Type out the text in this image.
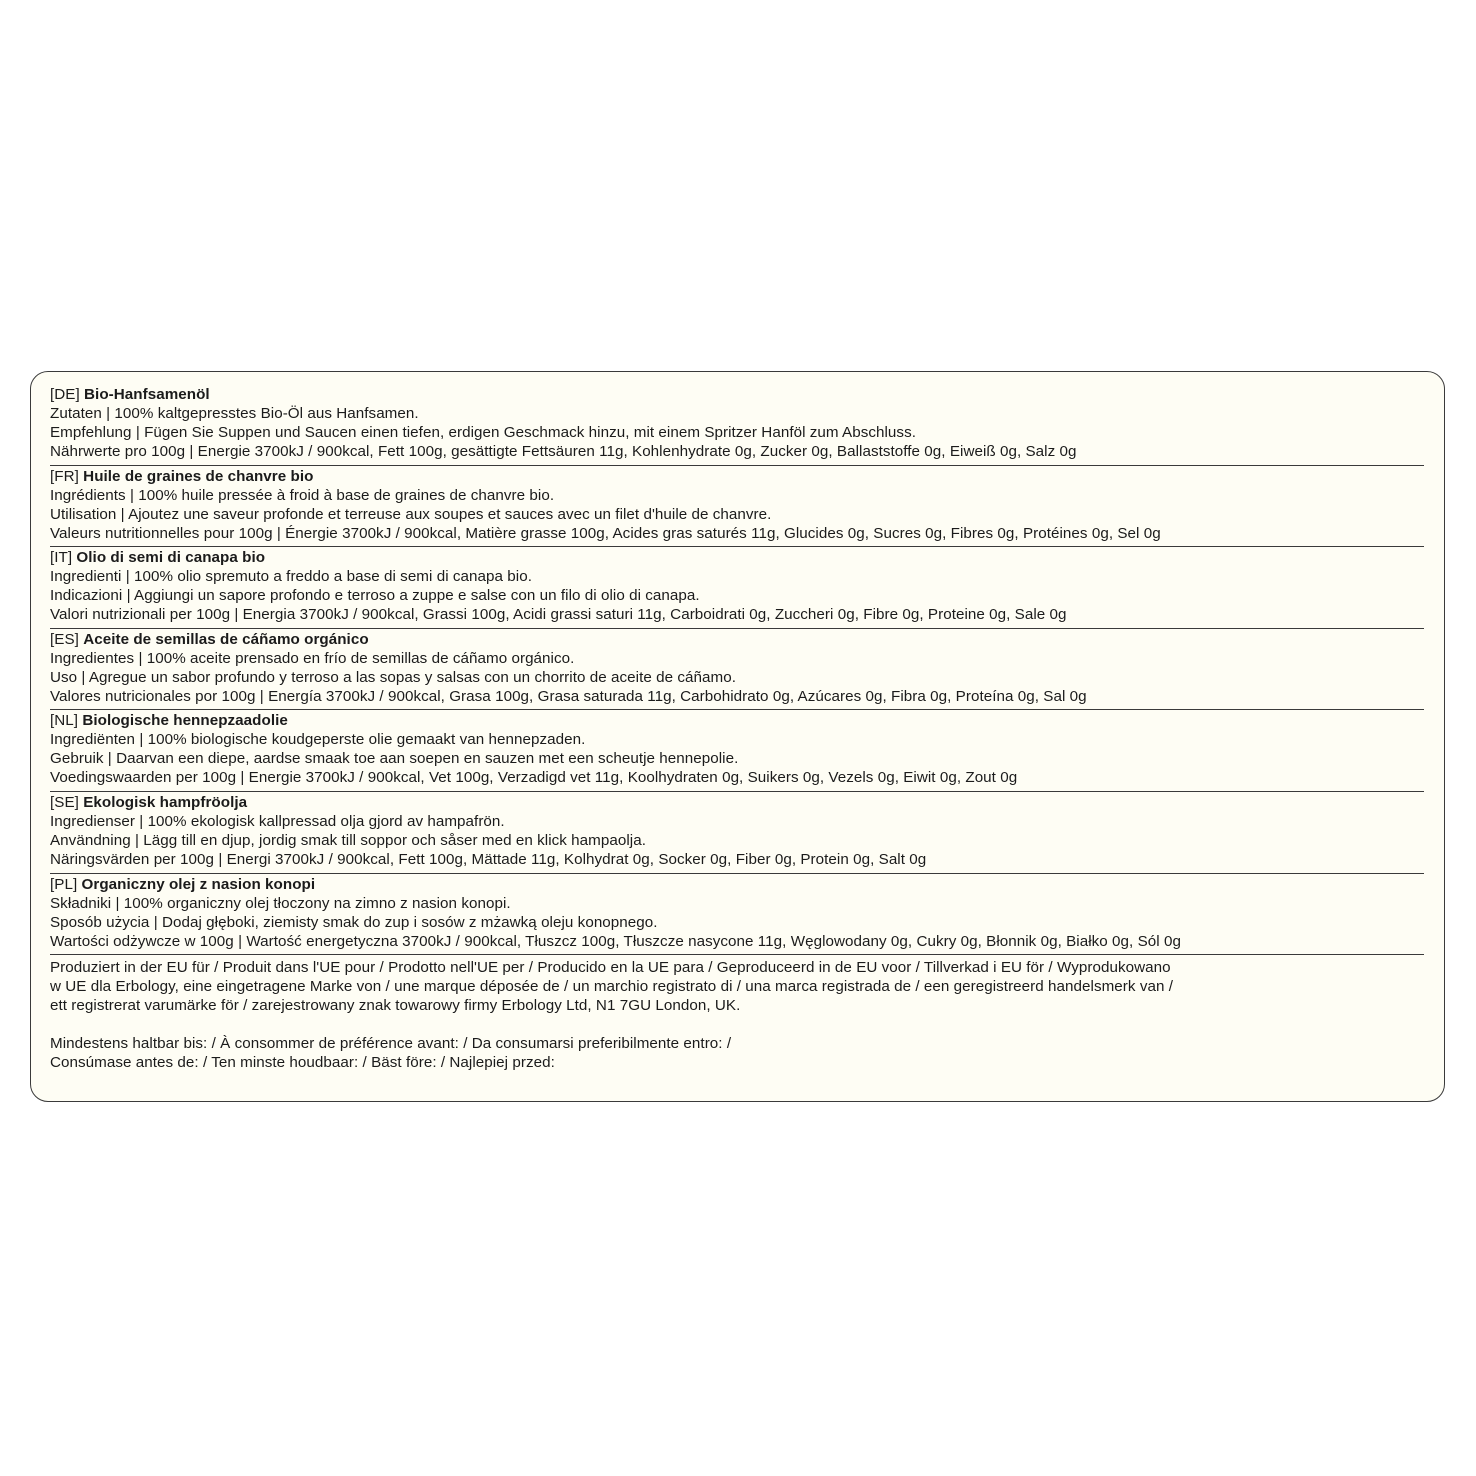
[DE] Bio-Hanfsamenöl
Zutaten | 100% kaltgepresstes Bio-Öl aus Hanfsamen.
Empfehlung | Fügen Sie Suppen und Saucen einen tiefen, erdigen Geschmack hinzu, mit einem Spritzer Hanföl zum Abschluss.
Nährwerte pro 100g | Energie 3700kJ / 900kcal, Fett 100g, gesättigte Fettsäuren 11g, Kohlenhydrate 0g, Zucker 0g, Ballaststoffe 0g, Eiweiß 0g, Salz 0g
[FR] Huile de graines de chanvre bio
Ingrédients | 100% huile pressée à froid à base de graines de chanvre bio.
Utilisation | Ajoutez une saveur profonde et terreuse aux soupes et sauces avec un filet d'huile de chanvre.
Valeurs nutritionnelles pour 100g | Énergie 3700kJ / 900kcal, Matière grasse 100g, Acides gras saturés 11g, Glucides 0g, Sucres 0g, Fibres 0g, Protéines 0g, Sel 0g
[IT] Olio di semi di canapa bio
Ingredienti | 100% olio spremuto a freddo a base di semi di canapa bio.
Indicazioni | Aggiungi un sapore profondo e terroso a zuppe e salse con un filo di olio di canapa.
Valori nutrizionali per 100g | Energia 3700kJ / 900kcal, Grassi 100g, Acidi grassi saturi 11g, Carboidrati 0g, Zuccheri 0g, Fibre 0g, Proteine 0g, Sale 0g
[ES] Aceite de semillas de cáñamo orgánico
Ingredientes | 100% aceite prensado en frío de semillas de cáñamo orgánico.
Uso | Agregue un sabor profundo y terroso a las sopas y salsas con un chorrito de aceite de cáñamo.
Valores nutricionales por 100g | Energía 3700kJ / 900kcal, Grasa 100g, Grasa saturada 11g, Carbohidrato 0g, Azúcares 0g, Fibra 0g, Proteína 0g, Sal 0g
[NL] Biologische hennepzaadolie
Ingrediënten | 100% biologische koudgeperste olie gemaakt van hennepzaden.
Gebruik | Daarvan een diepe, aardse smaak toe aan soepen en sauzen met een scheutje hennepolie.
Voedingswaarden per 100g | Energie 3700kJ / 900kcal, Vet 100g, Verzadigd vet 11g, Koolhydraten 0g, Suikers 0g, Vezels 0g, Eiwit 0g, Zout 0g
[SE] Ekologisk hampfröolja
Ingredienser | 100% ekologisk kallpressad olja gjord av hampafrön.
Användning | Lägg till en djup, jordig smak till soppor och såser med en klick hampaolja.
Näringsvärden per 100g | Energi 3700kJ / 900kcal, Fett 100g, Mättade 11g, Kolhydrat 0g, Socker 0g, Fiber 0g, Protein 0g, Salt 0g
[PL] Organiczny olej z nasion konopi
Składniki | 100% organiczny olej tłoczony na zimno z nasion konopi.
Sposób użycia | Dodaj głęboki, ziemisty smak do zup i sosów z mżawką oleju konopnego.
Wartości odżywcze w 100g | Wartość energetyczna 3700kJ / 900kcal, Tłuszcz 100g, Tłuszcze nasycone 11g, Węglowodany 0g, Cukry 0g, Błonnik 0g, Białko 0g, Sól 0g
Produziert in der EU für / Produit dans l'UE pour / Prodotto nell'UE per / Producido en la UE para / Geproduceerd in de EU voor / Tillverkad i EU för / Wyprodukowano
w UE dla Erbology, eine eingetragene Marke von / une marque déposée de / un marchio registrato di / una marca registrada de / een geregistreerd handelsmerk van /
ett registrerat varumärke för / zarejestrowany znak towarowy firmy Erbology Ltd, N1 7GU London, UK.
Mindestens haltbar bis: / À consommer de préférence avant: / Da consumarsi preferibilmente entro: /
Consúmase antes de: / Ten minste houdbaar: / Bäst före: / Najlepiej przed:
